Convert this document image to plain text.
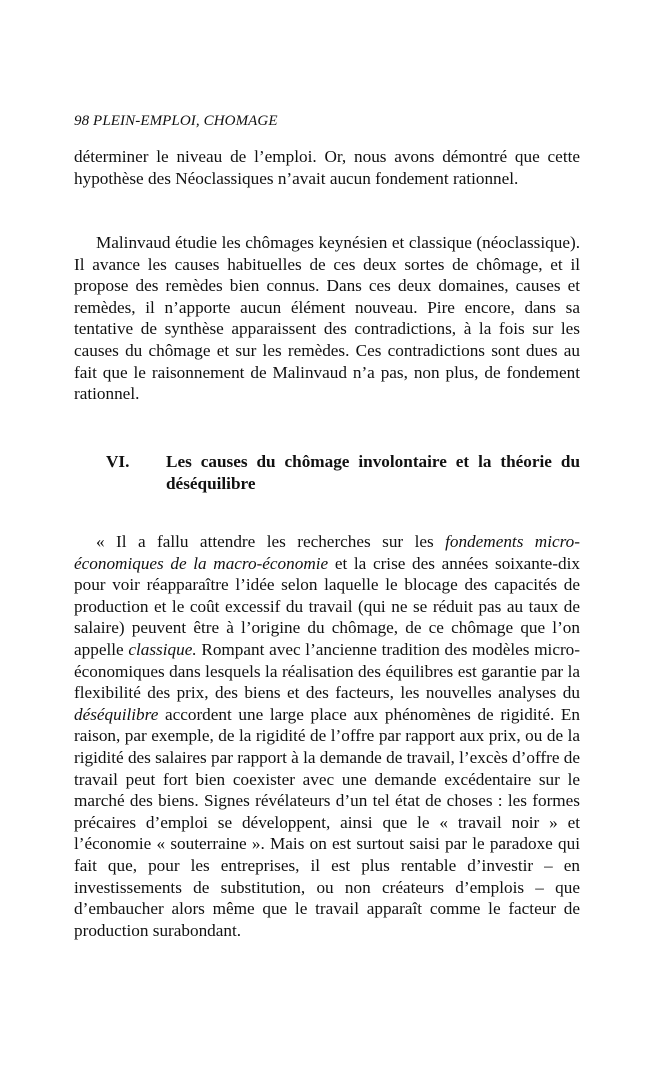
98 PLEIN-EMPLOI, CHOMAGE

déterminer le niveau de l’emploi. Or, nous avons démontré que cette hypothèse des Néoclassiques n’avait aucun fondement rationnel.

Malinvaud étudie les chômages keynésien et classique (néoclassique). Il avance les causes habituelles de ces deux sortes de chômage, et il propose des remèdes bien connus. Dans ces deux domaines, causes et remèdes, il n’apporte aucun élément nouveau. Pire encore, dans sa tentative de synthèse apparaissent des contradictions, à la fois sur les causes du chômage et sur les remèdes. Ces contradictions sont dues au fait que le raisonnement de Malinvaud n’a pas, non plus, de fondement rationnel.

VI. Les causes du chômage involontaire et la théorie du déséquilibre

« Il a fallu attendre les recherches sur les fondements micro-économiques de la macro-économie et la crise des années soixante-dix pour voir réapparaître l’idée selon laquelle le blocage des capacités de production et le coût excessif du travail (qui ne se réduit pas au taux de salaire) peuvent être à l’origine du chômage, de ce chômage que l’on appelle classique. Rompant avec l’ancienne tradition des modèles micro-économiques dans lesquels la réalisation des équilibres est garantie par la flexibilité des prix, des biens et des facteurs, les nouvelles analyses du déséquilibre accordent une large place aux phénomènes de rigidité. En raison, par exemple, de la rigidité de l’offre par rapport aux prix, ou de la rigidité des salaires par rapport à la demande de travail, l’excès d’offre de travail peut fort bien coexister avec une demande excédentaire sur le marché des biens. Signes révélateurs d’un tel état de choses : les formes précaires d’emploi se développent, ainsi que le « travail noir » et l’économie « souterraine ». Mais on est surtout saisi par le paradoxe qui fait que, pour les entreprises, il est plus rentable d’investir – en investissements de substitution, ou non créateurs d’emplois – que d’embaucher alors même que le travail apparaît comme le facteur de production surabondant.
